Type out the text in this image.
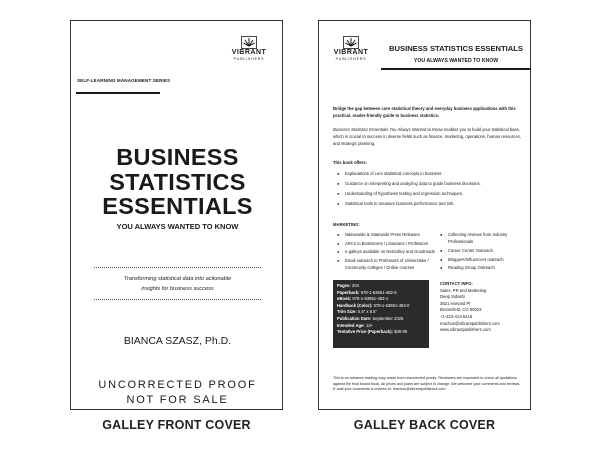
VIBRANT
PUBLISHERS
SELF-LEARNING MANAGEMENT SERIES
BUSINESS
STATISTICS
ESSENTIALS
YOU ALWAYS WANTED TO KNOW
Transforming statistical data into actionable
insights for business success
BIANCA SZASZ, Ph.D.
UNCORRECTED PROOF
NOT FOR SALE
GALLEY FRONT COVER
VIBRANT
PUBLISHERS
BUSINESS STATISTICS ESSENTIALS
YOU ALWAYS WANTED TO KNOW
Bridge the gap between core statistical theory and everyday business applications with this practical, reader-friendly guide to business statistics.
Business Statistics Essentials You Always Wanted to Know enables you to build your statistical base, which is crucial to success in diverse fields such as finance, marketing, operations, human resources, and strategic planning.
This book offers:
● Explanations of core statistical concepts in business.
● Guidance on interpreting and analyzing data to guide business decisions.
● Understanding of hypothesis testing and regression techniques.
● Statistical tools to measure business performance and risk.
MARKETING:
● Nationwide & Statewide Press Releases
● ARCs to Bookstores / Librarians / Professors
● e-galleys available on NetGalley and Goodreads
● Email outreach to Professors of Universities / Community colleges / Online courses
● Collecting reviews from Industry Professionals
● Career Center Outreach
● Bloggers/Influencers outreach
● Reading Group Outreach
Pages: 204
Paperback: 978-1-63651-482-6
eBook: 978-1-63651-483-1
Hardback (Color): 978-1-63651-484-0
Trim Size: 5.5" x 8.5"
Publication Date: September 2025
Intended Age: 13+
Tentative Price (Paperback): $49.99
CONTACT INFO:
Sales, PR and Marketing
Deep Sidashi
3621 Harvard Pl
Broomfield, CO 80023
+1-323-413-6418
reachus@vibrantpublishers.com
www.vibrantpublishers.com
This is an advance reading copy made from uncorrected proofs. Reviewers are requested to check all quotations against the final bound book. All prices and plans are subject to change. We welcome your comments and reviews.
E-mail your comments & reviews to: reachus@vibrantpublishers.com
GALLEY BACK COVER
